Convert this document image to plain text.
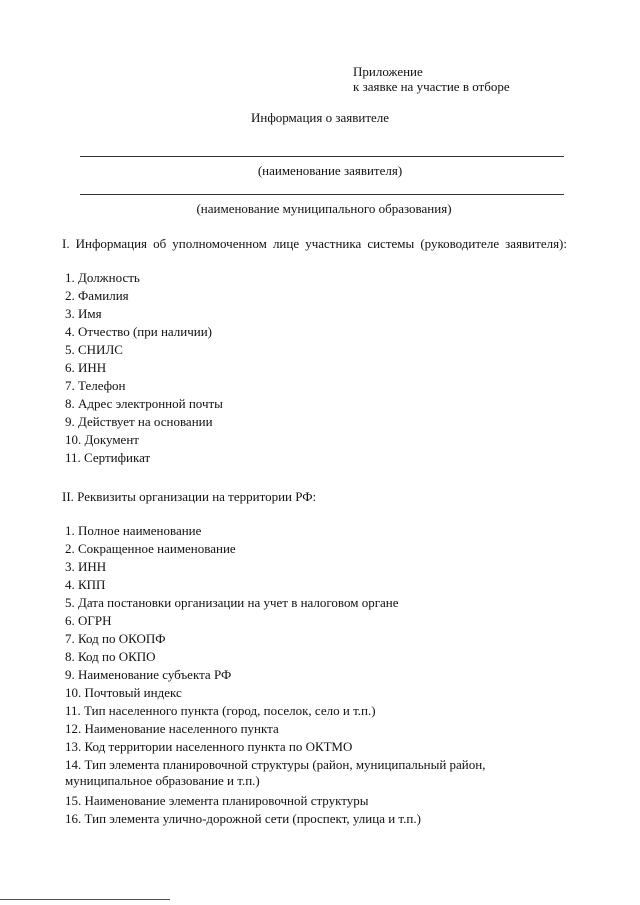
Приложение
к заявке на участие в отборе
Информация о заявителе
(наименование заявителя)
(наименование муниципального образования)
I. Информация об уполномоченном лице участника системы (руководителе заявителя):
1. Должность
2. Фамилия
3. Имя
4. Отчество (при наличии)
5. СНИЛС
6. ИНН
7. Телефон
8. Адрес электронной почты
9. Действует на основании
10. Документ
11. Сертификат
II. Реквизиты организации на территории РФ:
1. Полное наименование
2. Сокращенное наименование
3. ИНН
4. КПП
5. Дата постановки организации на учет в налоговом органе
6. ОГРН
7. Код по ОКОПФ
8. Код по ОКПО
9. Наименование субъекта РФ
10. Почтовый индекс
11. Тип населенного пункта (город, поселок, село и т.п.)
12. Наименование населенного пункта
13. Код территории населенного пункта по ОКТМО
14. Тип элемента планировочной структуры (район, муниципальный район, муниципальное образование и т.п.)
15. Наименование элемента планировочной структуры
16. Тип элемента улично-дорожной сети (проспект, улица и т.п.)
